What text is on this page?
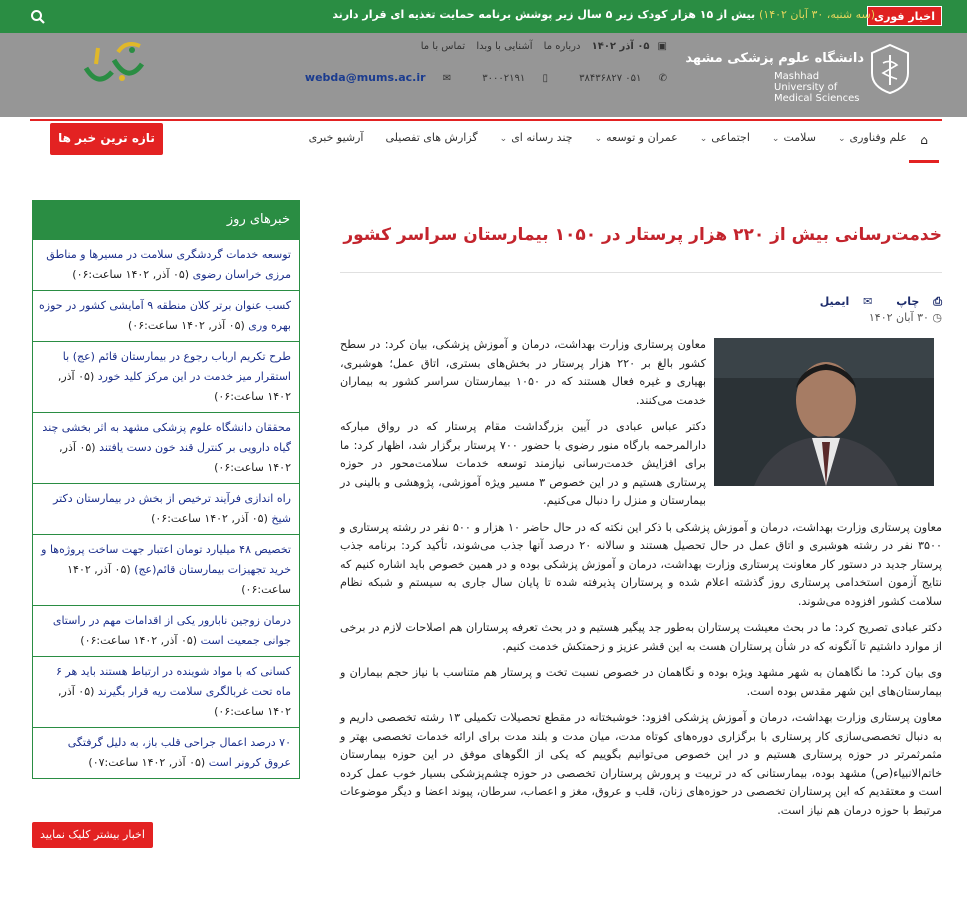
اخبار فوری
(سه شنبه، ۳۰ آبان ۱۴۰۲) بیش از ۱۵ هزار کودک زیر ۵ سال زیر پوشش برنامه حمایت تغذیه ای قرار دارند
دانشگاه علوم پزشکی مشهد
Mashhad University of Medical Sciences
▣۰۵ آذر ۱۴۰۲ درباره ما آشنایی با وبدا تماس با ما
✆ ۰۵۱ ۳۸۴۳۶۸۲۷ ▯ ۳۰۰۰۲۱۹۱ ✉ webda@mums.ac.ir
⌂
علم وفناوری⌄
سلامت⌄
اجتماعی⌄
عمران و توسعه⌄
چند رسانه ای⌄
گزارش های تفصیلی
آرشیو خبری
تازه ترین خبر ها
خدمت‌رسانی بیش از ۲۲۰ هزار پرستار در ۱۰۵۰ بیمارستان سراسر کشور
⎙ چاپ ✉ ایمیل
◷ ۳۰ آبان ۱۴۰۲

معاون پرستاری وزارت بهداشت، درمان و آموزش پزشکی، بیان کرد: در سطح کشور بالغ بر ۲۲۰ هزار پرستار در بخش‌های بستری، اتاق عمل؛ هوشبری، بهیاری و غیره فعال هستند که در ۱۰۵۰ بیمارستان سراسر کشور به بیماران خدمت می‌کنند.

دکتر عباس عبادی در آیین بزرگداشت مقام پرستار که در رواق مبارکه دارالمرحمه بارگاه منور رضوی با حضور ۷۰۰ پرستار برگزار شد، اظهار کرد: ما برای افزایش خدمت‌رسانی نیازمند توسعه خدمات سلامت‌محور در حوزه پرستاری هستیم و در این خصوص ۳ مسیر ویژه آموزشی، پژوهشی و بالینی در بیمارستان و منزل را دنبال می‌کنیم.

معاون پرستاری وزارت بهداشت، درمان و آموزش پزشکی با ذکر این نکته که در حال حاضر ۱۰ هزار و ۵۰۰ نفر در رشته پرستاری و ۳۵۰۰ نفر در رشته هوشبری و اتاق عمل در حال تحصیل هستند و سالانه ۲۰ درصد آنها جذب می‌شوند، تأکید کرد: برنامه جذب پرستار جدید در دستور کار معاونت پرستاری وزارت بهداشت، درمان و آموزش پزشکی بوده و در همین خصوص باید اشاره کنیم که نتایج آزمون استخدامی پرستاری روز گذشته اعلام شده و پرستاران پذیرفته شده تا پایان سال جاری به سیستم و شبکه نظام سلامت کشور افزوده می‌شوند.

دکتر عبادی تصریح کرد: ما در بحث معیشت پرستاران به‌طور جد پیگیر هستیم و در بحث تعرفه پرستاران هم اصلاحات لازم در برخی از موارد داشتیم تا آنگونه که در شأن پرستاران هست به این قشر عزیز و زحمتکش خدمت کنیم.

وی بیان کرد: ما نگاهمان به شهر مشهد ویژه بوده و نگاهمان در خصوص نسبت تخت و پرستار هم متناسب با نیاز حجم بیماران و بیمارستان‌های این شهر مقدس بوده است.

معاون پرستاری وزارت بهداشت، درمان و آموزش پزشکی افزود: خوشبختانه در مقطع تحصیلات تکمیلی ۱۳ رشته تخصصی داریم و به دنبال تخصصی‌سازی کار پرستاری با برگزاری دوره‌های کوتاه مدت، میان مدت و بلند مدت برای ارائه خدمات تخصصی بهتر و مثمرثمرتر در حوزه پرستاری هستیم و در این خصوص می‌توانیم بگوییم که یکی از الگوهای موفق در این حوزه بیمارستان خاتم‌الانبیاء(ص) مشهد بوده، بیمارستانی که در تربیت و پرورش پرستاران تخصصی در حوزه چشم‌پزشکی بسیار خوب عمل کرده است و معتقدیم که این پرستاران تخصصی در حوزه‌های زنان، قلب و عروق، مغز و اعصاب، سرطان، پیوند اعضا و دیگر موضوعات مرتبط با حوزه درمان هم نیاز است.

خبرهای روز
توسعه خدمات گردشگری سلامت در مسیرها و مناطق مرزی خراسان رضوی (۰۵ آذر, ۱۴۰۲ ساعت:۰۶)
کسب عنوان برتر کلان منطقه ۹ آمایشی کشور در حوزه بهره وری (۰۵ آذر, ۱۴۰۲ ساعت:۰۶)
طرح تکریم ارباب رجوع در بیمارستان قائم (عج) با استقرار میز خدمت در این مرکز کلید خورد (۰۵ آذر, ۱۴۰۲ ساعت:۰۶)
محققان دانشگاه علوم پزشکی مشهد به اثر بخشی چند گیاه دارویی بر کنترل قند خون دست یافتند (۰۵ آذر, ۱۴۰۲ ساعت:۰۶)
راه اندازی فرآیند ترخیص از بخش در بیمارستان دکتر شیخ (۰۵ آذر, ۱۴۰۲ ساعت:۰۶)
تخصیص ۴۸ میلیارد تومان اعتبار جهت ساخت پروژه‌ها و خرید تجهیزات بیمارستان قائم(عج) (۰۵ آذر, ۱۴۰۲ ساعت:۰۶)
درمان زوجین نابارور یکی از اقدامات مهم در راستای جوانی جمعیت است (۰۵ آذر, ۱۴۰۲ ساعت:۰۶)
کسانی که با مواد شوینده در ارتباط هستند باید هر ۶ ماه تحت غربالگری سلامت ریه قرار بگیرند (۰۵ آذر, ۱۴۰۲ ساعت:۰۶)
۷۰ درصد اعمال جراحی قلب باز، به دلیل گرفتگی عروق کرونر است (۰۵ آذر, ۱۴۰۲ ساعت:۰۷)
اخبار بیشتر کلیک نمایید
